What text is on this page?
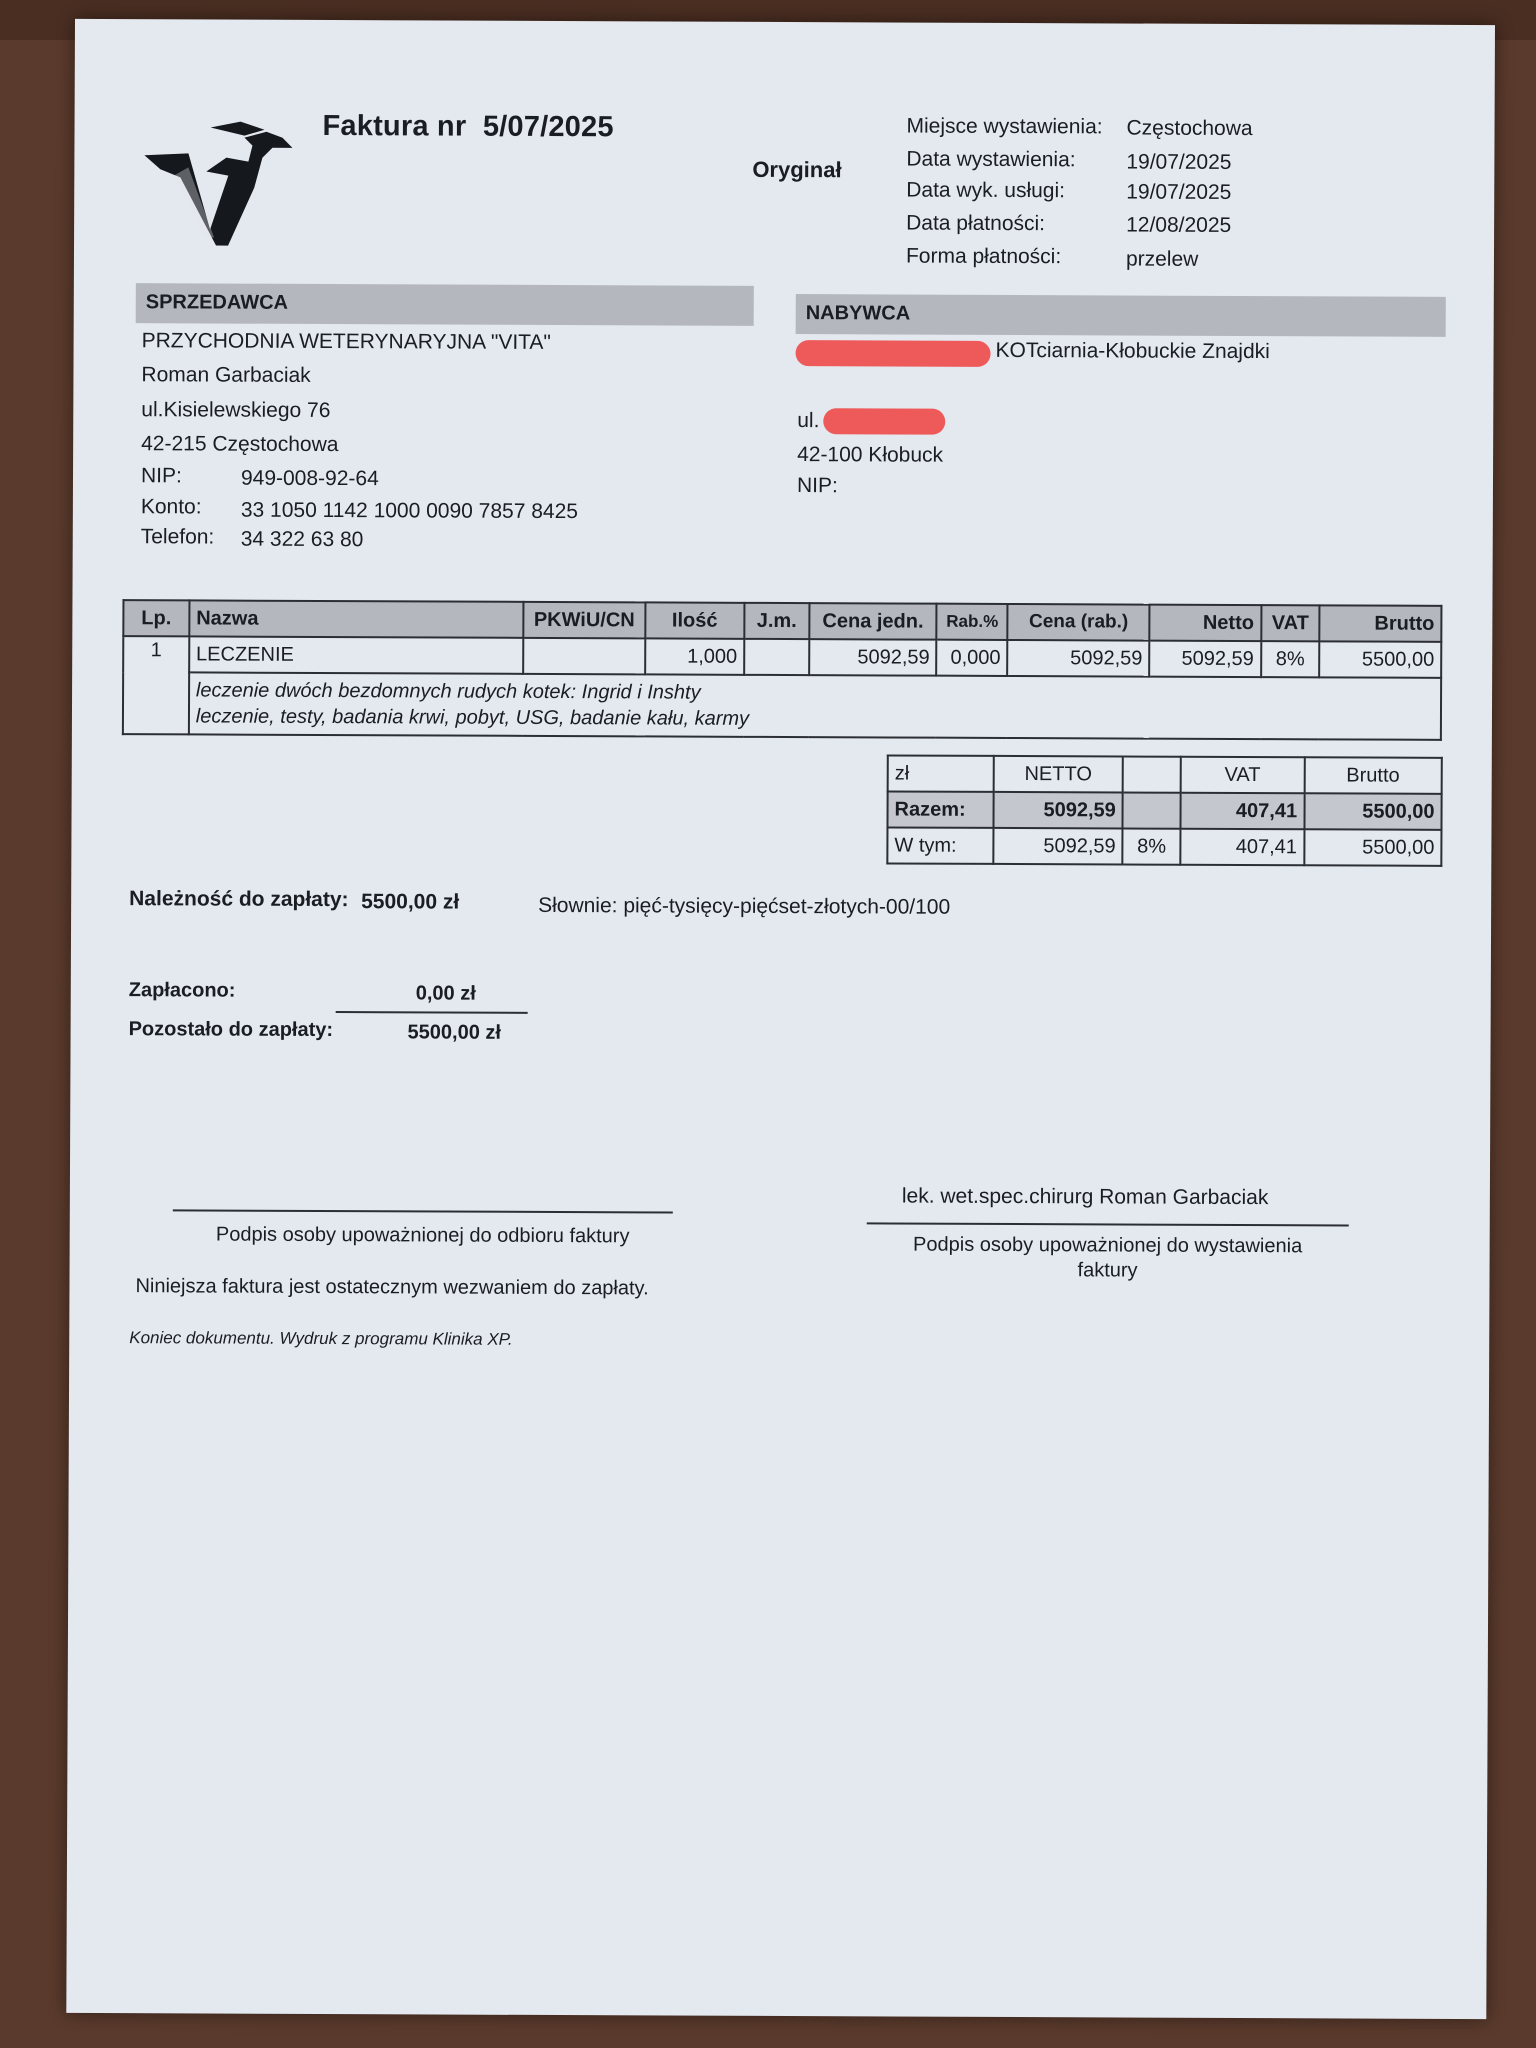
Faktura nr 5/07/2025
Oryginał
Miejsce wystawienia: Częstochowa
Data wystawienia: 19/07/2025
Data wyk. usługi:	19/07/2025
Data płatności:	12/08/2025
Forma płatności:	przelew
SPRZEDAWCA
PRZYCHODNIA WETERYNARYJNA "VITA"
Roman Garbaciak
ul.Kisielewskiego 76
42-215 Częstochowa
NIP:	949-008-92-64
Konto: 33 1050 1142 1000 0090 7857 8425
Telefon: 34 322 63 80
NABYWCA
KOTciarnia-Kłobuckie Znajdki
ul.
42-100 Kłobuck
NIP:
Lp.	Nazwa	PKWiU/CN	Ilość	J.m.	Cena jedn.	Rab.%	Cena (rab.)	Netto	VAT	Brutto
1	LECZENIE		1,000		5092,59	0,000	5092,59	5092,59	8%	5500,00

	leczenie dwóch bezdomnych rudych kotek: Ingrid i Inshty
leczenie, testy, badania krwi, pobyt, USG, badanie kału, karmy									
zł	NETTO		VAT	Brutto
Razem:	5092,59		407,41	5500,00
W tym:	5092,59	8%	407,41	5500,00
Należność do zapłaty: 5500,00 zł	Słownie: pięć-tysięcy-pięćset-złotych-00/100
Zapłacono:	0,00 zł
Pozostało do zapłaty:	5500,00 zł
lek. wet.spec.chirurg Roman Garbaciak
Podpis osoby upoważnionej do odbioru faktury	Podpis osoby upoważnionej do wystawienia
faktury
Niniejsza faktura jest ostatecznym wezwaniem do zapłaty.
Koniec dokumentu. Wydruk z programu Klinika XP.
